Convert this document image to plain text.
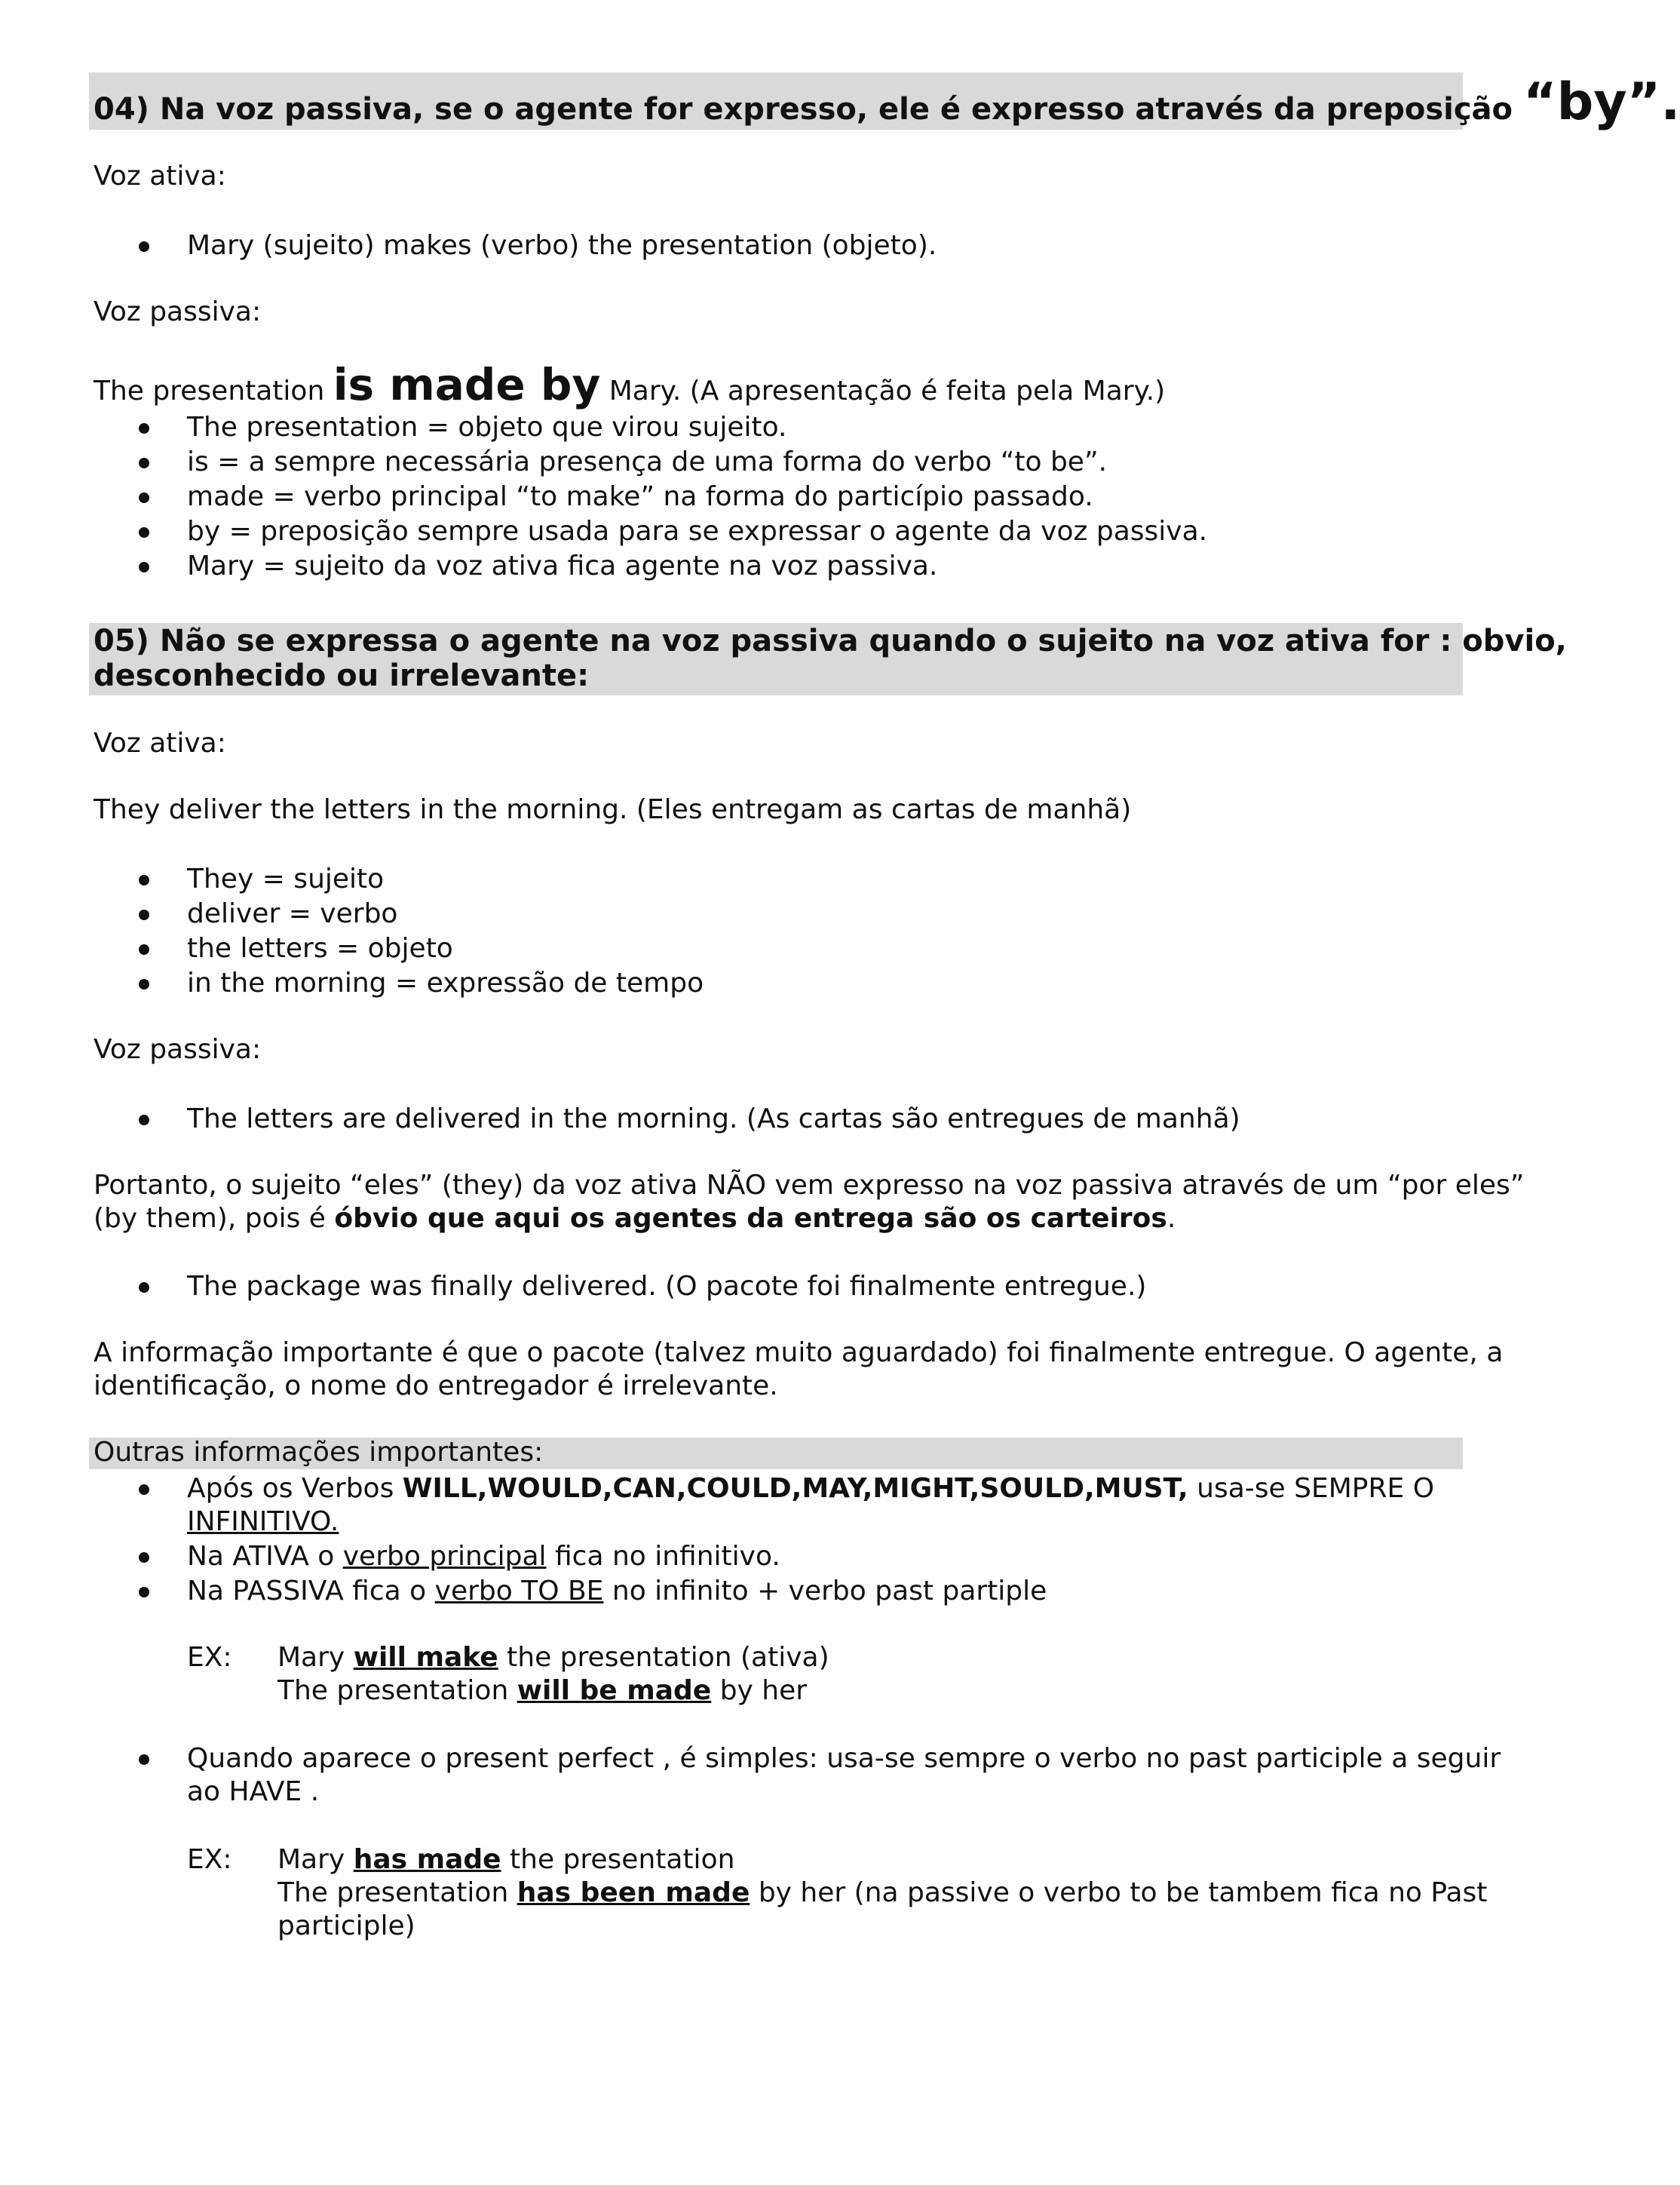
04) Na voz passiva, se o agente for expresso, ele é expresso através da preposição “by”.
Voz ativa:
Mary (sujeito) makes (verbo) the presentation (objeto).
Voz passiva:
The presentation is made by Mary. (A apresentação é feita pela Mary.)
The presentation = objeto que virou sujeito.
is = a sempre necessária presença de uma forma do verbo “to be”.
made = verbo principal “to make” na forma do particípio passado.
by = preposição sempre usada para se expressar o agente da voz passiva.
Mary = sujeito da voz ativa fica agente na voz passiva.
05) Não se expressa o agente na voz passiva quando o sujeito na voz ativa for : obvio,
desconhecido ou irrelevante:
Voz ativa:
They deliver the letters in the morning. (Eles entregam as cartas de manhã)
They = sujeito
deliver = verbo
the letters = objeto
in the morning = expressão de tempo
Voz passiva:
The letters are delivered in the morning. (As cartas são entregues de manhã)
Portanto, o sujeito “eles” (they) da voz ativa NÃO vem expresso na voz passiva através de um “por eles”
(by them), pois é óbvio que aqui os agentes da entrega são os carteiros.
The package was finally delivered. (O pacote foi finalmente entregue.)
A informação importante é que o pacote (talvez muito aguardado) foi finalmente entregue. O agente, a
identificação, o nome do entregador é irrelevante.
Outras informações importantes:
Após os Verbos WILL,WOULD,CAN,COULD,MAY,MIGHT,SOULD,MUST, usa-se SEMPRE O
INFINITIVO.
Na ATIVA o verbo principal fica no infinitivo.
Na PASSIVA fica o verbo TO BE no infinito + verbo past partiple
EX: Mary will make the presentation (ativa)
The presentation will be made by her
Quando aparece o present perfect , é simples: usa-se sempre o verbo no past participle a seguir
ao HAVE .
EX: Mary has made the presentation
The presentation has been made by her (na passive o verbo to be tambem fica no Past
participle)
